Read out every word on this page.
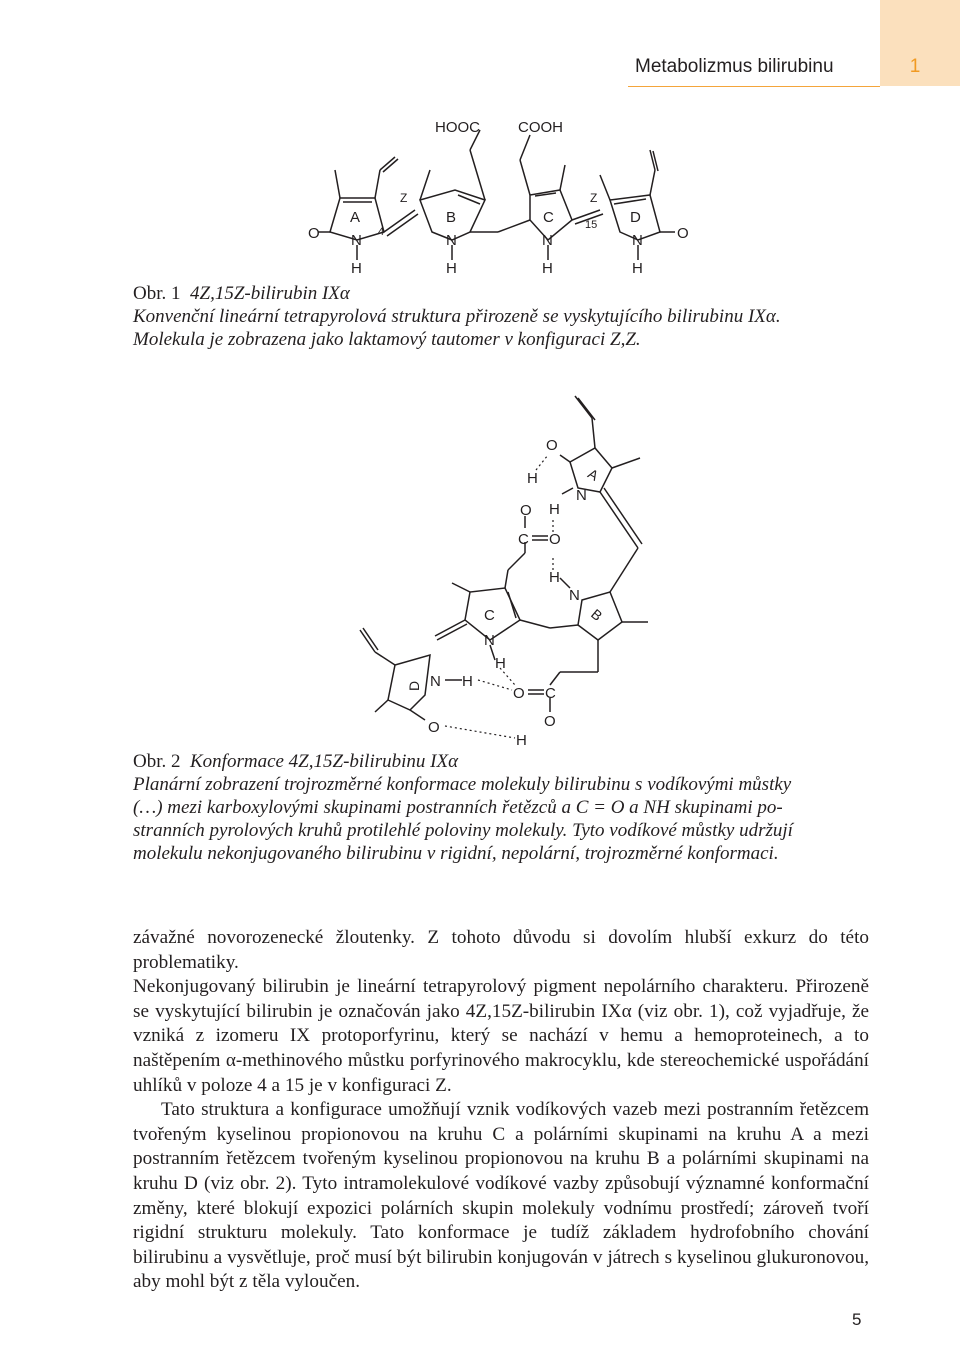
Metabolizmus bilirubinu	1
HOOC	COOH
A	B	C	D
Z	Z
4
15
O	O
N	N	N	N
H	H	H	H
O
H
O H
N
C O
H
N
A
B
C
N
H
D N H
O C
O
O
H

Obr. 1 4Z,15Z-bilirubin IXα

Konvenční lineární tetrapyrolová struktura přirozeně se vyskytujícího bilirubinu IXα.

Molekula je zobrazena jako laktamový tautomer v konfiguraci Z,Z.

Obr. 2 Konformace 4Z,15Z-bilirubinu IXα

Planární zobrazení trojrozměrné konformace molekuly bilirubinu s vodíkovými můstky

(…) mezi karboxylovými skupinami postranních řetězců a C = O a NH skupinami po-

stranních pyrolových kruhů protilehlé poloviny molekuly. Tyto vodíkové můstky udržují

molekulu nekonjugovaného bilirubinu v rigidní, nepolární, trojrozměrné konformaci.

závažné novorozenecké žloutenky. Z tohoto důvodu si dovolím hlubší exkurz do této problematiky.

Nekonjugovaný bilirubin je lineární tetrapyrolový pigment nepolárního charakteru. Přirozeně se vyskytující bilirubin je označován jako 4Z,15Z-bilirubin IXα (viz obr. 1), což vyjadřuje, že vzniká z izomeru IX protoporfyrinu, který se nachází v hemu a hemoproteinech, a to naštěpením α-methinového můstku porfyrinového makrocyklu, kde stereochemické uspořádání uhlíků v poloze 4 a 15 je v konfiguraci Z.

Tato struktura a konfigurace umožňují vznik vodíkových vazeb mezi postranním řetězcem tvořeným kyselinou propionovou na kruhu C a polárními skupinami na kruhu A a mezi postranním řetězcem tvořeným kyselinou propionovou na kruhu B a polárními skupinami na kruhu D (viz obr. 2). Tyto intramolekulové vodíkové vazby způsobují významné konformační změny, které blokují expozici polárních skupin molekuly vodnímu prostředí; zároveň tvoří rigidní strukturu molekuly. Tato konformace je tudíž základem hydrofobního chování bilirubinu a vysvětluje, proč musí být bilirubin konjugován v játrech s kyselinou glukuronovou, aby mohl být z těla vyloučen.

5
